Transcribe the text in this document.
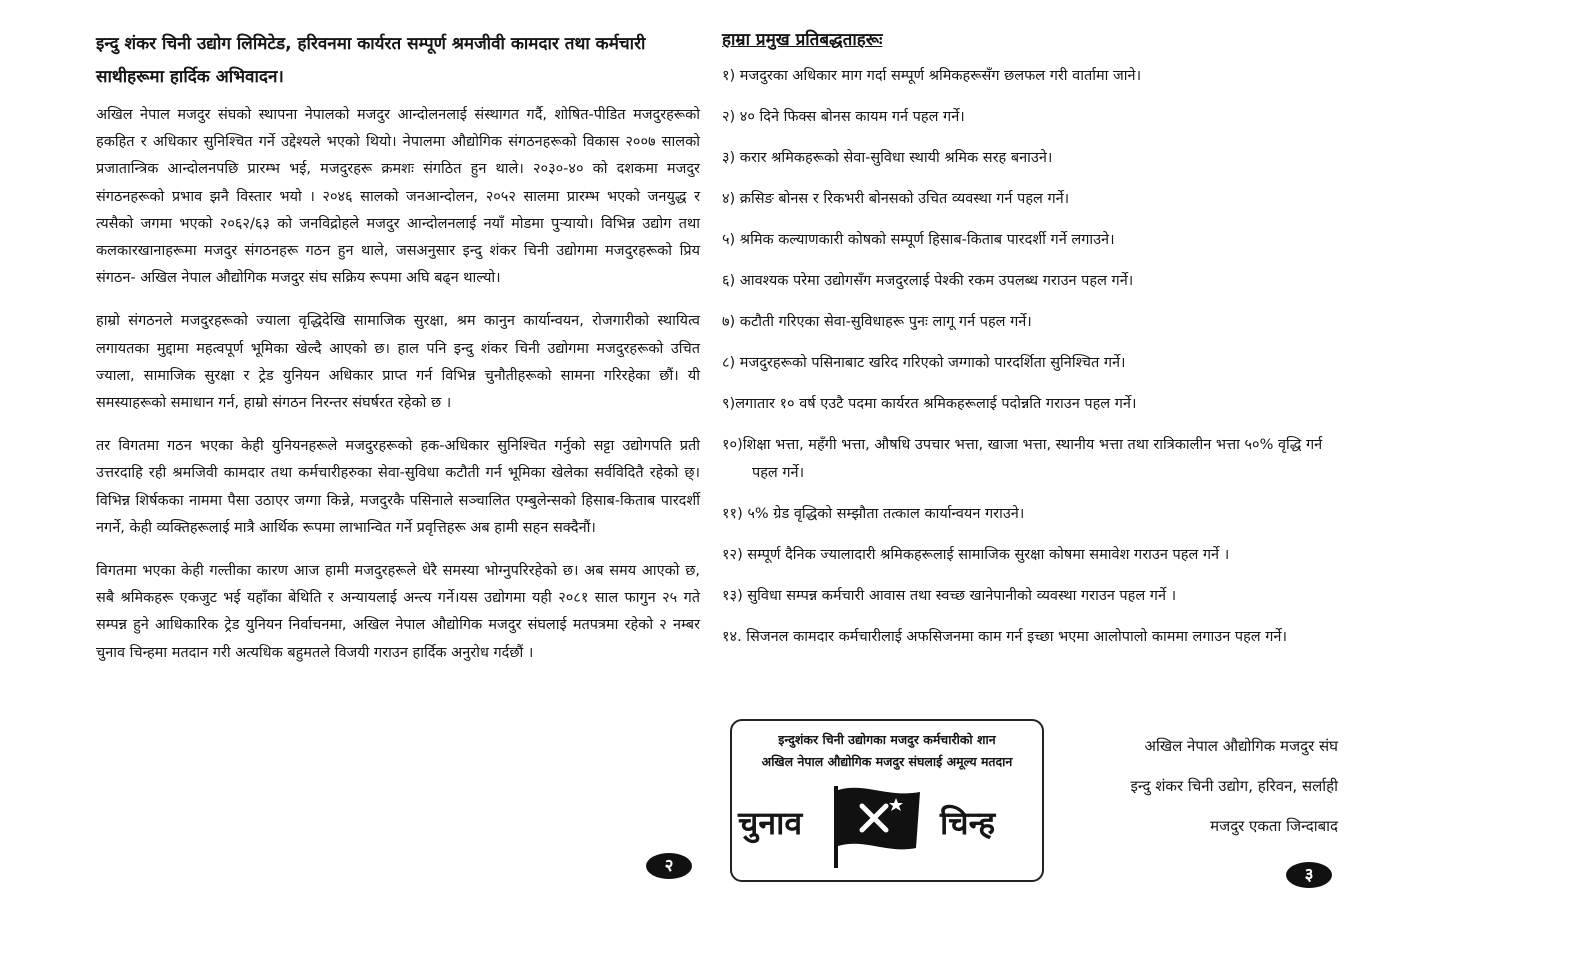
इन्दु शंकर चिनी उद्योग लिमिटेड, हरिवनमा कार्यरत सम्पूर्ण श्रमजीवी कामदार तथा कर्मचारी साथीहरूमा हार्दिक अभिवादन।

अखिल नेपाल मजदुर संघको स्थापना नेपालको मजदुर आन्दोलनलाई संस्थागत गर्दै, शोषित-पीडित मजदुरहरूको हकहित र अधिकार सुनिश्चित गर्ने उद्देश्यले भएको थियो। नेपालमा औद्योगिक संगठनहरूको विकास २००७ सालको प्रजातान्त्रिक आन्दोलनपछि प्रारम्भ भई, मजदुरहरू क्रमशः संगठित हुन थाले। २०३०-४० को दशकमा मजदुर संगठनहरूको प्रभाव झनै विस्तार भयो । २०४६ सालको जनआन्दोलन, २०५२ सालमा प्रारम्भ भएको जनयुद्ध र त्यसैको जगमा भएको २०६२/६३ को जनविद्रोहले मजदुर आन्दोलनलाई नयाँ मोडमा पुऱ्यायो। विभिन्न उद्योग तथा कलकारखानाहरूमा मजदुर संगठनहरू गठन हुन थाले, जसअनुसार इन्दु शंकर चिनी उद्योगमा मजदुरहरूको प्रिय संगठन- अखिल नेपाल औद्योगिक मजदुर संघ सक्रिय रूपमा अघि बढ्न थाल्यो।

हाम्रो संगठनले मजदुरहरूको ज्याला वृद्धिदेखि सामाजिक सुरक्षा, श्रम कानुन कार्यान्वयन, रोजगारीको स्थायित्व लगायतका मुद्दामा महत्वपूर्ण भूमिका खेल्दै आएको छ। हाल पनि इन्दु शंकर चिनी उद्योगमा मजदुरहरूको उचित ज्याला, सामाजिक सुरक्षा र ट्रेड युनियन अधिकार प्राप्त गर्न विभिन्न चुनौतीहरूको सामना गरिरहेका छौं। यी समस्याहरूको समाधान गर्न, हाम्रो संगठन निरन्तर संघर्षरत रहेको छ ।

तर विगतमा गठन भएका केही युनियनहरूले मजदुरहरूको हक-अधिकार सुनिश्चित गर्नुको सट्टा उद्योगपति प्रती उत्तरदाहि रही श्रमजिवी कामदार तथा कर्मचारीहरुका सेवा-सुविधा कटौती गर्न भूमिका खेलेका सर्वविदितै रहेको छ्। विभिन्न शिर्षकका नाममा पैसा उठाएर जग्गा किन्ने, मजदुरकै पसिनाले सञ्चालित एम्बुलेन्सको हिसाब-किताब पारदर्शी नगर्ने, केही व्यक्तिहरूलाई मात्रै आर्थिक रूपमा लाभान्वित गर्ने प्रवृत्तिहरू अब हामी सहन सक्दैनौं।

विगतमा भएका केही गल्तीका कारण आज हामी मजदुरहरूले धेरै समस्या भोग्नुपरिरहेको छ। अब समय आएको छ, सबै श्रमिकहरू एकजुट भई यहाँका बेथिति र अन्यायलाई अन्त्य गर्ने।यस उद्योगमा यही २०८१ साल फागुन २५ गते सम्पन्न हुने आधिकारिक ट्रेड युनियन निर्वाचनमा, अखिल नेपाल औद्योगिक मजदुर संघलाई मतपत्रमा रहेको २ नम्बर चुनाव चिन्हमा मतदान गरी अत्यधिक बहुमतले विजयी गराउन हार्दिक अनुरोध गर्दछौं ।

२
हाम्रा प्रमुख प्रतिबद्धताहरूः

१) मजदुरका अधिकार माग गर्दा सम्पूर्ण श्रमिकहरूसँग छलफल गरी वार्तामा जाने।

२) ४० दिने फिक्स बोनस कायम गर्न पहल गर्ने।

३) करार श्रमिकहरूको सेवा-सुविधा स्थायी श्रमिक सरह बनाउने।

४) क्रसिङ बोनस र रिकभरी बोनसको उचित व्यवस्था गर्न पहल गर्ने।

५) श्रमिक कल्याणकारी कोषको सम्पूर्ण हिसाब-किताब पारदर्शी गर्ने लगाउने।

६) आवश्यक परेमा उद्योगसँग मजदुरलाई पेश्की रकम उपलब्ध गराउन पहल गर्ने।

७) कटौती गरिएका सेवा-सुविधाहरू पुनः लागू गर्न पहल गर्ने।

८) मजदुरहरूको पसिनाबाट खरिद गरिएको जग्गाको पारदर्शिता सुनिश्चित गर्ने।

९)लगातार १० वर्ष एउटै पदमा कार्यरत श्रमिकहरूलाई पदोन्नति गराउन पहल गर्ने।

१०)शिक्षा भत्ता, महँगी भत्ता, औषधि उपचार भत्ता, खाजा भत्ता, स्थानीय भत्ता तथा रात्रिकालीन भत्ता ५०% वृद्धि गर्न पहल गर्ने।

११) ५% ग्रेड वृद्धिको सम्झौता तत्काल कार्यान्वयन गराउने।

१२) सम्पूर्ण दैनिक ज्यालादारी श्रमिकहरूलाई सामाजिक सुरक्षा कोषमा समावेश गराउन पहल गर्ने ।

१३) सुविधा सम्पन्न कर्मचारी आवास तथा स्वच्छ खानेपानीको व्यवस्था गराउन पहल गर्ने ।

१४. सिजनल कामदार कर्मचारीलाई अफसिजनमा काम गर्न इच्छा भएमा आलोपालो काममा लगाउन पहल गर्ने।

इन्दुशंकर चिनी उद्योगका मजदुर कर्मचारीको शान

अखिल नेपाल औद्योगिक मजदुर संघलाई अमूल्य मतदान

चुनाव	चिन्ह

अखिल नेपाल औद्योगिक मजदुर संघ

इन्दु शंकर चिनी उद्योग, हरिवन, सर्लाही

मजदुर एकता जिन्दाबाद

३
